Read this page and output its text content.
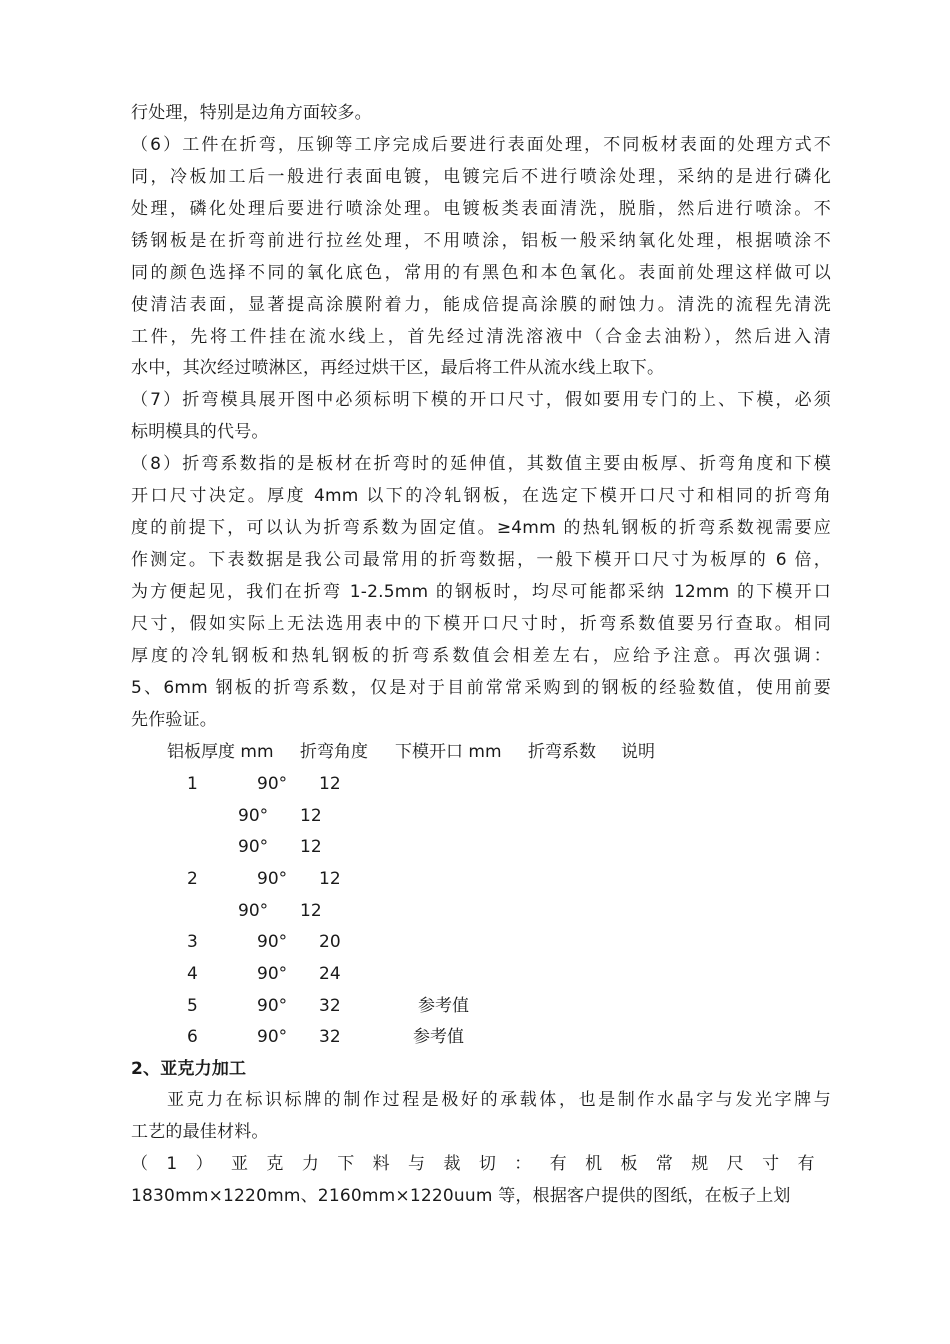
行处理，特别是边角方面较多。
（6）工件在折弯，压铆等工序完成后要进行表面处理，不同板材表面的处理方式不
同，冷板加工后一般进行表面电镀，电镀完后不进行喷涂处理，采纳的是进行磷化
处理，磷化处理后要进行喷涂处理。电镀板类表面清洗，脱脂，然后进行喷涂。不
锈钢板是在折弯前进行拉丝处理，不用喷涂，铝板一般采纳氧化处理，根据喷涂不
同的颜色选择不同的氧化底色，常用的有黑色和本色氧化。表面前处理这样做可以
使清洁表面，显著提高涂膜附着力，能成倍提高涂膜的耐蚀力。清洗的流程先清洗
工件，先将工件挂在流水线上，首先经过清洗溶液中（合金去油粉），然后进入清
水中，其次经过喷淋区，再经过烘干区，最后将工件从流水线上取下。
（7）折弯模具展开图中必须标明下模的开口尺寸，假如要用专门的上、下模，必须
标明模具的代号。
（8）折弯系数指的是板材在折弯时的延伸值，其数值主要由板厚、折弯角度和下模
开口尺寸决定。厚度 4mm 以下的冷轧钢板，在选定下模开口尺寸和相同的折弯角
度的前提下，可以认为折弯系数为固定值。≥4mm 的热轧钢板的折弯系数视需要应
作测定。下表数据是我公司最常用的折弯数据，一般下模开口尺寸为板厚的 6 倍，
为方便起见，我们在折弯 1-2.5mm 的钢板时，均尽可能都采纳 12mm 的下模开口
尺寸，假如实际上无法选用表中的下模开口尺寸时，折弯系数值要另行查取。相同
厚度的冷轧钢板和热轧钢板的折弯系数值会相差左右，应给予注意。再次强调：
5、6mm 钢板的折弯系数，仅是对于目前常常采购到的钢板的经验数值，使用前要
先作验证。
铝板厚度 mm 折弯角度 下模开口 mm 折弯系数 说明
1	90° 12
90° 12
90° 12
2	90° 12
90° 12
3	90° 20
4	90° 24
5	90° 32	参考值
6	90° 32	参考值
2、亚克力加工
亚克力在标识标牌的制作过程是极好的承载体，也是制作水晶字与发光字牌与
工艺的最佳材料。
（1）亚克力下料与裁切：有机板常规尺寸有
1830mm×1220mm、2160mm×1220uum 等，根据客户提供的图纸，在板子上划
